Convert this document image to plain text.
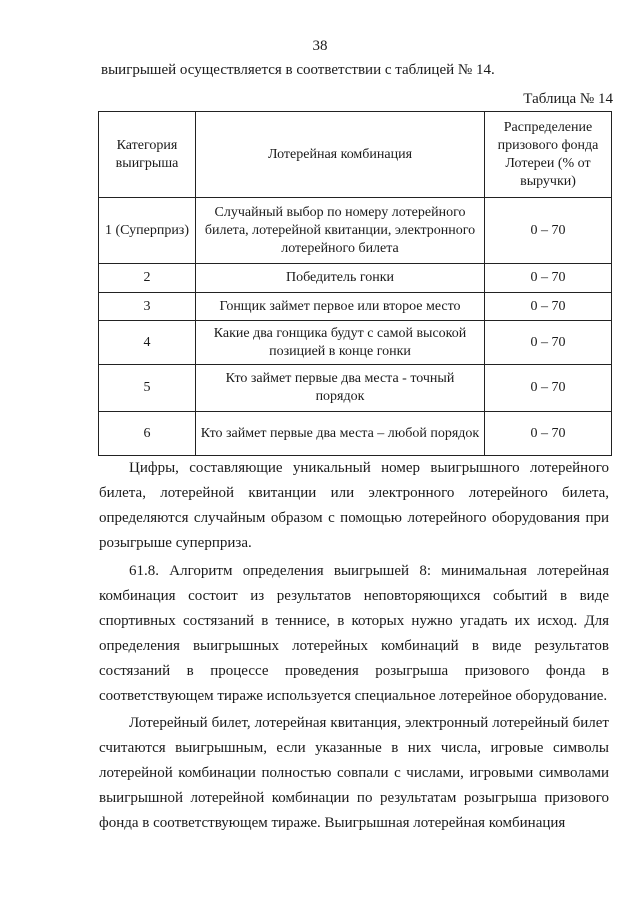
38
выигрышей осуществляется в соответствии с таблицей № 14.
Таблица № 14
Категория выигрыша	Лотерейная комбинация	Распределение призового фонда Лотереи (% от выручки)
1 (Суперприз)	Случайный выбор по номеру лотерейного билета, лотерейной квитанции, электронного лотерейного билета	0 – 70
2	Победитель гонки	0 – 70
3	Гонщик займет первое или второе место	0 – 70
4	Какие два гонщика будут с самой высокой позицией в конце гонки	0 – 70
5	Кто займет первые два места - точный порядок	0 – 70
6	Кто займет первые два места – любой порядок	0 – 70

Цифры, составляющие уникальный номер выигрышного лотерейного билета, лотерейной квитанции или электронного лотерейного билета, определяются случайным образом с помощью лотерейного оборудования при розыгрыше суперприза.

61.8. Алгоритм определения выигрышей 8: минимальная лотерейная комбинация состоит из результатов неповторяющихся событий в виде спортивных состязаний в теннисе, в которых нужно угадать их исход. Для определения выигрышных лотерейных комбинаций в виде результатов состязаний в процессе проведения розыгрыша призового фонда в соответствующем тираже используется специальное лотерейное оборудование.

Лотерейный билет, лотерейная квитанция, электронный лотерейный билет считаются выигрышным, если указанные в них числа, игровые символы лотерейной комбинации полностью совпали с числами, игровыми символами выигрышной лотерейной комбинации по результатам розыгрыша призового фонда в соответствующем тираже. Выигрышная лотерейная комбинация
